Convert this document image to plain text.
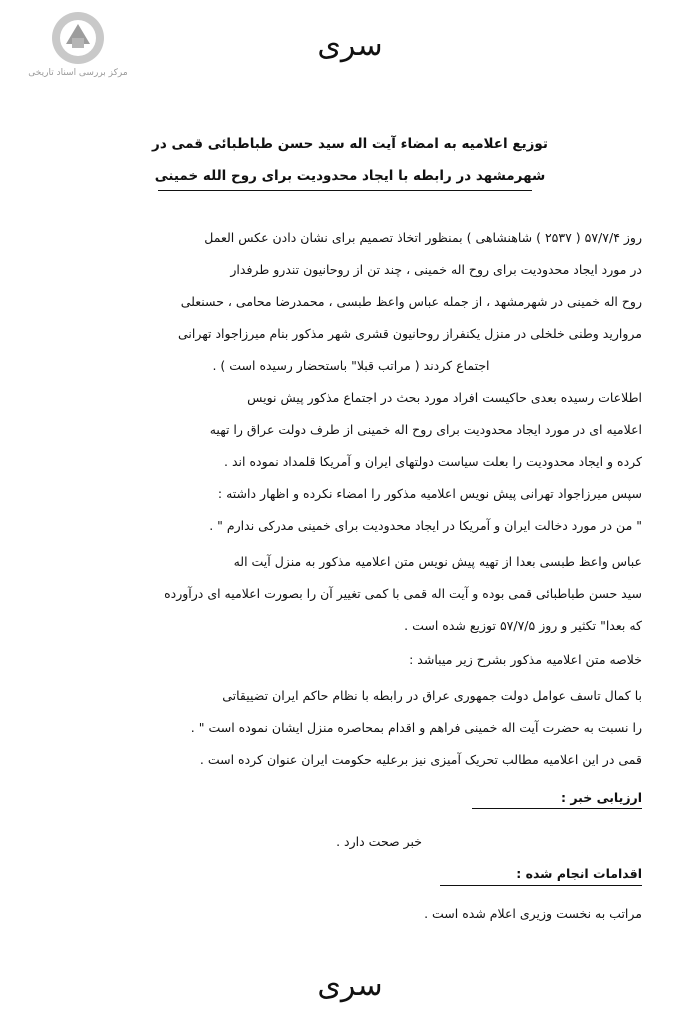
مرکز بررسی اسناد تاریخی
سری
توزیع اعلامیه به امضاء آیت اله سید حسن طباطبائی قمی در
شهرمشهد در رابطه با ایجاد محدودیت برای روح الله خمینی
روز ۵۷/۷/۴ ( ۲۵۳۷ ) شاهنشاهی ) بمنظور اتخاذ تصمیم برای نشان دادن عکس العمل
در مورد ایجاد محدودیت برای روح اله خمینی ، چند تن از روحانیون تندرو طرفدار
روح اله خمینی در شهرمشهد ، از جمله عباس واعظ طبسی ، محمدرضا محامی ، حسنعلی
مروارید وطنی خلخلی در منزل یکنفراز روحانیون قشری شهر مذکور بنام میرزاجواد تهرانی
اجتماع کردند ( مراتب قبلا" باستحضار رسیده است ) .
اطلاعات رسیده بعدی حاکیست افراد مورد بحث در اجتماع مذکور پیش نویس
اعلامیه ای در مورد ایجاد محدودیت برای روح اله خمینی از طرف دولت عراق را تهیه
کرده و ایجاد محدودیت را بعلت سیاست دولتهای ایران و آمریکا قلمداد نموده اند .
سپس میرزاجواد تهرانی پیش نویس اعلامیه مذکور را امضاء نکرده و اظهار داشته :
" من در مورد دخالت ایران و آمریکا در ایجاد محدودیت برای خمینی مدرکی ندارم " .
عباس واعظ طبسی بعدا از تهیه پیش نویس متن اعلامیه مذکور به منزل آیت اله
سید حسن طباطبائی قمی بوده و آیت اله قمی با کمی تغییر آن را بصورت اعلامیه ای درآورده
که بعدا" تکثیر و روز ۵۷/۷/۵ توزیع شده است .
خلاصه متن اعلامیه مذکور بشرح زیر میباشد :
با کمال تاسف عوامل دولت جمهوری عراق در رابطه با نظام حاکم ایران تضییقاتی
را نسبت به حضرت آیت اله خمینی فراهم و اقدام بمحاصره منزل ایشان نموده است " .
قمی در این اعلامیه مطالب تحریک آمیزی نیز برعلیه حکومت ایران عنوان کرده است .
ارزیابی خبر :
خبر صحت دارد .
اقدامات انجام شده :
مراتب به نخست وزیری اعلام شده است .
سری
